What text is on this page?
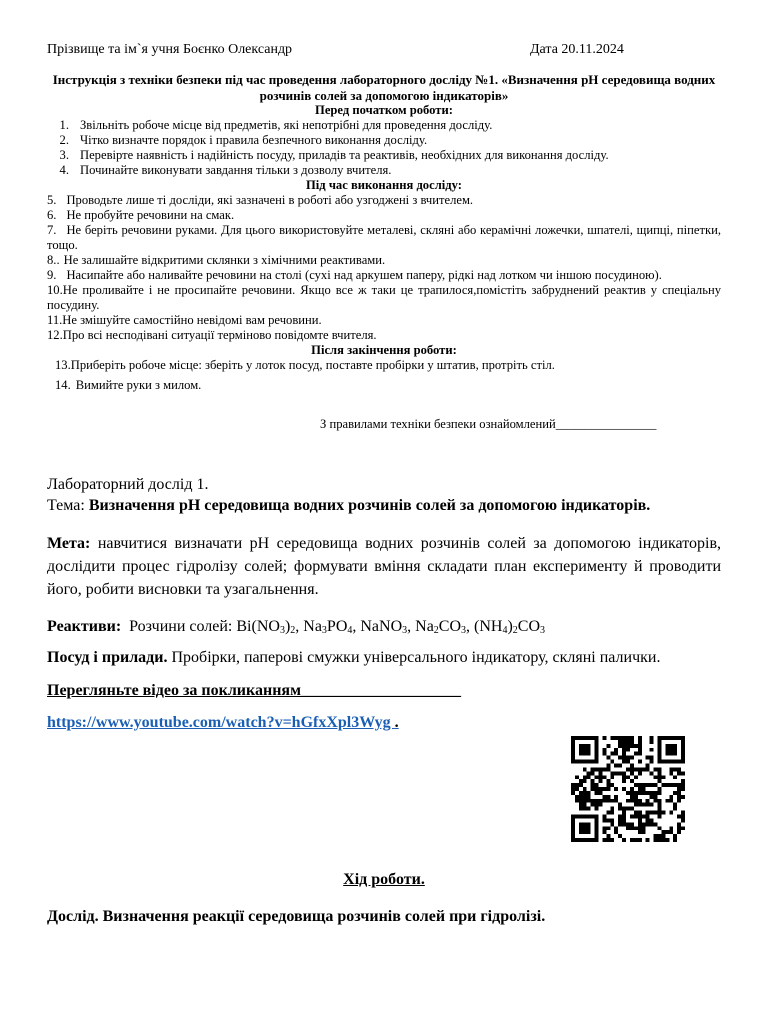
Прізвище та ім`я учня Боєнко Олександр	Дата 20.11.2024
Інструкція з техніки безпеки під час проведення лабораторного досліду №1. «Визначення рН середовища водних розчинів солей за допомогою індикаторів»
Перед початком роботи:
1. Звільніть робоче місце від предметів, які непотрібні для проведення досліду.
2. Чітко визначте порядок і правила безпечного виконання досліду.
3. Перевірте наявність і надійність посуду, приладів та реактивів, необхідних для виконання досліду.
4. Починайте виконувати завдання тільки з дозволу вчителя.
Під час виконання досліду:
5. Проводьте лише ті досліди, які зазначені в роботі або узгоджені з вчителем.
6. Не пробуйте речовини на смак.
7. Не беріть речовини руками. Для цього використовуйте металеві, скляні або керамічні ложечки, шпателі, щипці, піпетки, тощо.
8.. Не залишайте відкритими склянки з хімічними реактивами.
9. Насипайте або наливайте речовини на столі (сухі над аркушем паперу, рідкі над лотком чи іншою посудиною).
10.Не проливайте і не просипайте речовини. Якщо все ж таки це трапилося,помістіть забруднений реактив у спеціальну посудину.
11.Не змішуйте самостійно невідомі вам речовини.
12.Про всі несподівані ситуації терміново повідомте вчителя.
Після закінчення роботи:
13.Приберіть робоче місце: зберіть у лоток посуд, поставте пробірки у штатив, протріть стіл.
14. Вимийте руки з милом.
З правилами техніки безпеки ознайомлений________________
Лабораторний дослід 1.
Тема: Визначення рН середовища водних розчинів солей за допомогою індикаторів.
Мета: навчитися визначати рН середовища водних розчинів солей за допомогою індикаторів, дослідити процес гідролізу солей; формувати вміння складати план експерименту й проводити його, робити висновки та узагальнення.
Реактиви:  Розчини солей: $Bi(NO_3)_2$, $Na_3PO_4$, NaNO$_3$, $Na_2CO_3$, $(NH_4)_2CO_3$
Посуд і прилади. Пробірки, паперові смужки універсального індикатору, скляні палички.
Перегляньте відео за покликанням____________________
https://www.youtube.com/watch?v=hGfxXpl3Wyg .
Хід роботи.
Дослід. Визначення реакції середовища розчинів солей при гідролізі.
